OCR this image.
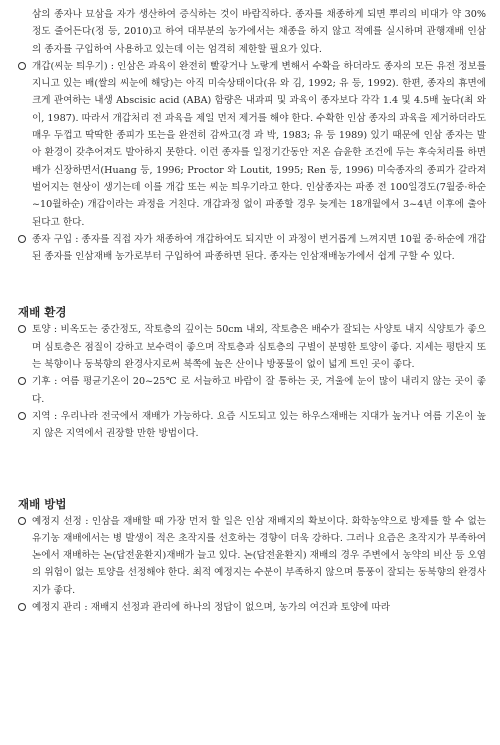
삼의 종자나 묘삼을 자가 생산하여 증식하는 것이 바람직하다. 종자를 채종하게 되면 뿌리의 비대가 약 30%정도 줄어든다(정 등, 2010)고 하여 대부분의 농가에서는 채종을 하지 않고 적예를 실시하며 관행재배 인삼의 종자를 구입하여 사용하고 있는데 이는 엄격히 제한할 필요가 있다.

개갑(씨눈 틔우기) : 인삼은 과육이 완전히 빨갛거나 노랗게 변해서 수확을 하더라도 종자의 모든 유전 정보를 지니고 있는 배(쌀의 씨눈에 해당)는 아직 미숙상태이다(유 와 김, 1992; 유 등, 1992). 한편, 종자의 휴면에 크게 관여하는 내생 Abscisic acid (ABA) 함량은 내과피 및 과육이 종자보다 각각 1.4 및 4.5배 높다(최 와 이, 1987). 따라서 개갑처리 전 과육을 제일 먼저 제거를 해야 한다. 수확한 인삼 종자의 과육을 제거하더라도 매우 두껍고 딱딱한 종피가 또는을 완전히 감싸고(경 과 박, 1983; 유 등 1989) 있기 때문에 인삼 종자는 발아 환경이 갖추어져도 발아하지 못한다. 이런 종자를 일정기간동안 저온 습윤한 조건에 두는 후숙처리를 하면 배가 신장하면서(Huang 등, 1996; Proctor 와 Loutit, 1995; Ren 등, 1996) 미숙종자의 종피가 갈라져 벌어지는 현상이 생기는데 이를 개갑 또는 씨눈 틔우기라고 한다. 인삼종자는 파종 전 100일경도(7월중·하순~10월하순) 개갑이라는 과정을 거친다. 개갑과정 없이 파종할 경우 늦게는 18개월에서 3~4년 이후에 출아된다고 한다.

종자 구입 : 종자를 직접 자가 채종하여 개갑하여도 되지만 이 과정이 번거롭게 느껴지면 10월 중·하순에 개갑 된 종자를 인삼재배 농가로부터 구입하여 파종하면 된다. 종자는 인삼재배농가에서 쉽게 구할 수 있다.

재배 환경

토양 : 비옥도는 중간정도, 작토층의 깊이는 50cm 내외, 작토층은 배수가 잘되는 사양토 내지 식양토가 좋으며 심토층은 점질이 강하고 보수력이 좋으며 작토층과 심토층의 구별이 분명한 토양이 좋다. 지세는 평탄지 또는 북향이나 동북향의 완경사지로써 북쪽에 높은 산이나 방풍물이 없이 넓게 트인 곳이 좋다.

기후 : 여름 평균기온이 20~25℃ 로 서늘하고 바람이 잘 통하는 곳, 겨울에 눈이 많이 내리지 않는 곳이 좋다.

지역 : 우리나라 전국에서 재배가 가능하다. 요즘 시도되고 있는 하우스재배는 지대가 높거나 여름 기온이 높지 않은 지역에서 권장할 만한 방법이다.

재배 방법

예정지 선정 : 인삼을 재배할 때 가장 먼저 할 일은 인삼 재배지의 확보이다. 화학농약으로 방제를 할 수 없는 유기농 재배에서는 병 발생이 적은 초작지를 선호하는 경향이 더욱 강하다. 그러나 요즘은 초작지가 부족하여 논에서 재배하는 논(답전윤환지)재배가 늘고 있다. 논(답전윤환지) 재배의 경우 주변에서 농약의 비산 등 오염의 위험이 없는 토양을 선정해야 한다. 최적 예정지는 수분이 부족하지 않으며 통풍이 잘되는 동북향의 완경사지가 좋다.

예정지 관리 : 재배지 선정과 관리에 하나의 정답이 없으며, 농가의 여건과 토양에 따라
